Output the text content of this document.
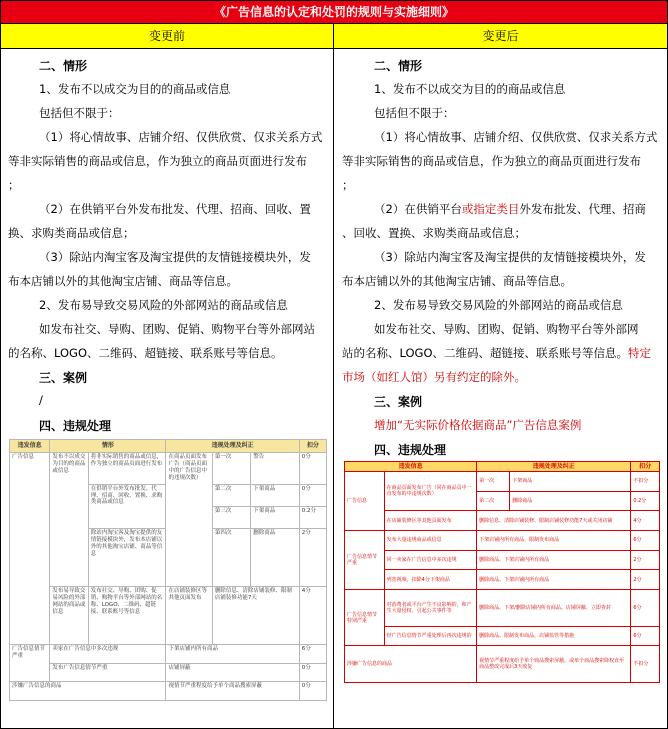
《广告信息的认定和处罚的规则与实施细则》
变更前	变更后
二、情形
1、发布不以成交为目的的商品或信息
包括但不限于：
（1）将心情故事、店铺介绍、仅供欣赏、仅求关系方式
等非实际销售的商品或信息，作为独立的商品页面进行发布
；
（2）在供销平台外发布批发、代理、招商、回收、置
换、求购类商品或信息；
（3）除站内淘宝客及淘宝提供的友情链接模块外，发
布本店铺以外的其他淘宝店铺、商品等信息。
2、发布易导致交易风险的外部网站的商品或信息
如发布社交、导购、团购、促销、购物平台等外部网站
的名称、LOGO、二维码、超链接、联系账号等信息。
三、案例
/
四、违规处理
违发信息	情形		违规处理及纠正			扣分
广告信息	发布不以成交为目的的商品或信息	将非实际销售的商品或信息，作为独立的商品页面进行发布	在商品页面发布广告（商品页面中的广告信息中的违规次数）	第一次	警告	0分
		在供销平台外发布批发、代理、招商、回收、置换、求购类商品或信息		第二次	下架商品	0分
				第三次	下架商品	0.2分
		除站内淘宝客及淘宝提供的友情链接模块外，发布本店铺以外的其他淘宝店铺、商品等信息		第四次	删除商品	2分
	发布易导致交易风险的外部网站的商品或信息	发布社交、导购、团购、促销、购物平台等外部网站的名称、LOGO、二维码、超链接、联系账号等信息	在店铺装修区等其他页面发布	删除信息、清除店铺装修、限制店铺装修功能7天		4分
广告信息情节严重	卖家在广告信息中多次违规		下架店铺内所有商品			6分
	发布广告信息情节严重		店铺屏蔽			0分
涉嫌广告信息的商品			视情节严重程度给予单个商品搜索屏蔽			0分
二、情形
1、发布不以成交为目的的商品或信息
包括但不限于：
（1）将心情故事、店铺介绍、仅供欣赏、仅求关系方式
等非实际销售的商品或信息，作为独立的商品页面进行发布
；
（2）在供销平台或指定类目外发布批发、代理、招商
、回收、置换、求购类商品或信息；
（3）除站内淘宝客及淘宝提供的友情链接模块外，发
布本店铺以外的其他淘宝店铺、商品等信息。
2、发布易导致交易风险的外部网站的商品或信息
如发布社交、导购、团购、促销、购物平台等外部网
站的名称、LOGO、二维码、超链接、联系账号等信息。特定
市场（如红人馆）另有约定的除外。
三、案例
增加“无实际价格依据商品”广告信息案例
四、违规处理
违发信息		违规处理及纠正		扣分
广告信息	在商品页面发布广告（同在商品页中一直发布的中违规次数）	第一次	下架商品	不扣分
		第二次	删除商品	0.2分
	在店铺装修区等其他页面发布	删除信息、清除店铺装修、限制店铺装修功能7天或关闭店铺		4分
广告信息情节严重	发布大量违规商品或信息	下架店铺内所有商品、限制发布商品		6分
	同一卖家在广告信息中多次违规	删除商品、下架店铺内所有商品		2分
	列宽视频，扣除4分下架商品	删除商品、下架店铺内所有商品		2分
广告信息情节特别严重	对消费者或平台产生不良影响的，和产生大量侵权、引起公关事件等	删除商品、下架/删除店铺内所有商品、店铺屏蔽、立即查封		6分
	经广告信息情节严重处理后再次违规的	删除商品、限制发布商品、店铺监管等措施		6分
涉嫌广告信息的商品		视情节严重程度给予单个商品搜索屏蔽，或单个商品搜索降权直至商品整改完成后3天收复		不扣分
